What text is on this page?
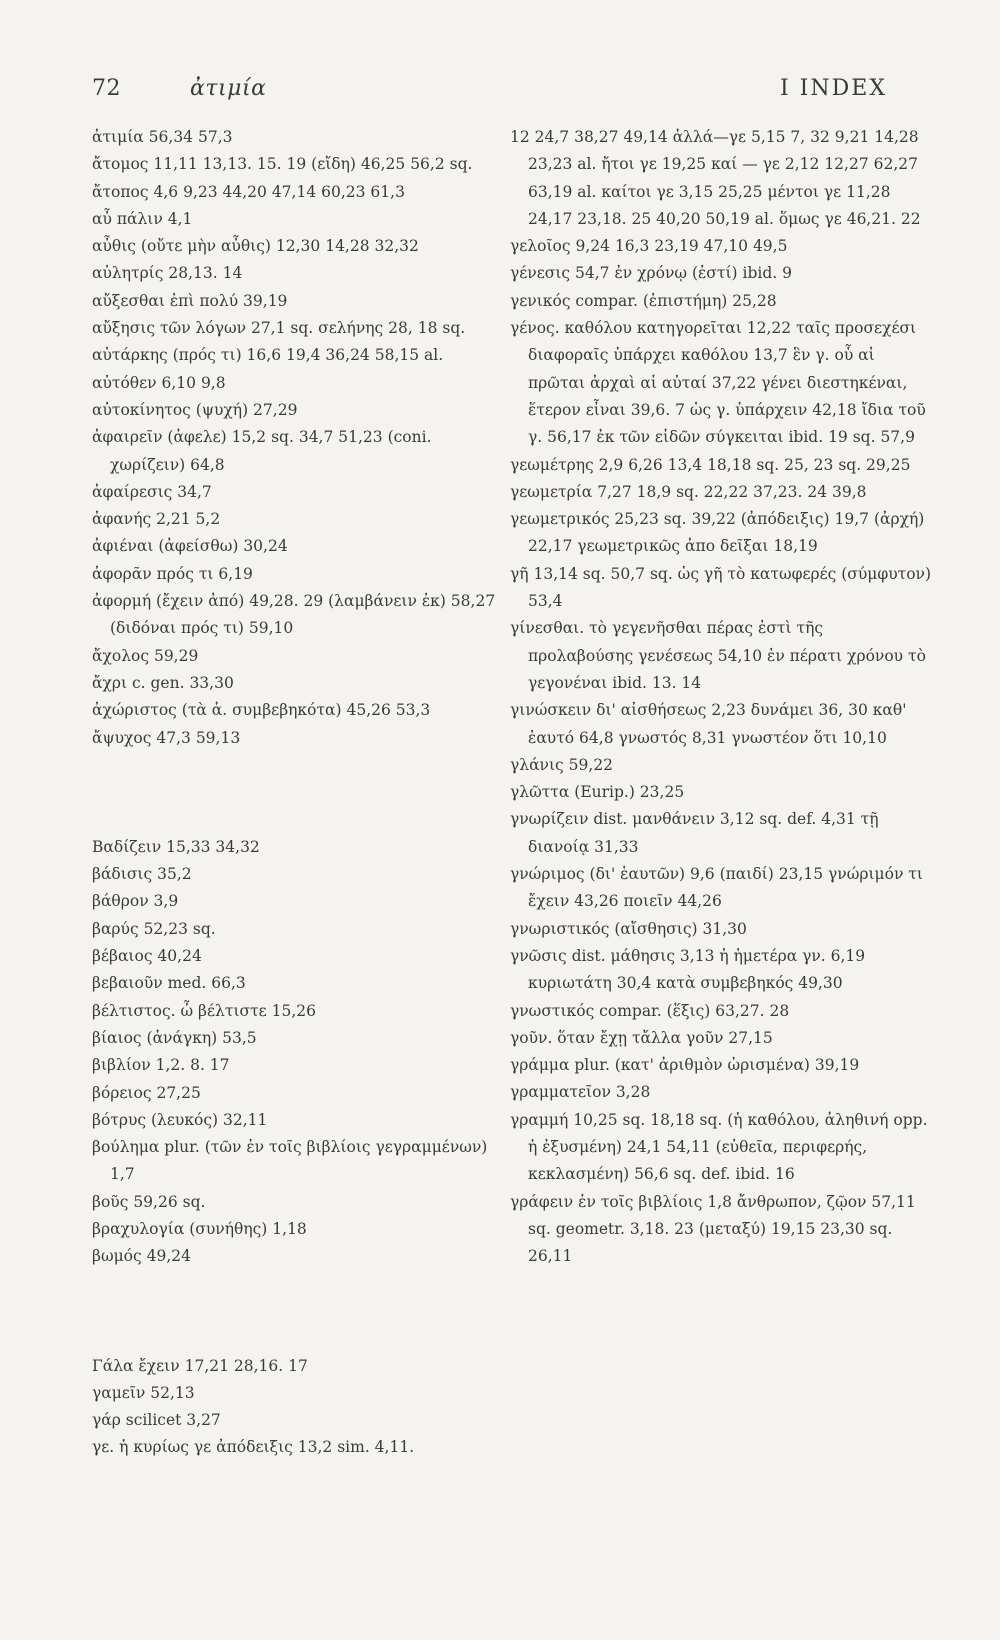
72	ἀτιμία	I INDEX
ἀτιμία 56,34 57,3
ἄτομος 11,11 13,13. 15. 19 (εἴδη) 46,25 56,2 sq.
ἄτοπος 4,6 9,23 44,20 47,14 60,23 61,3
αὖ πάλιν 4,1
αὖθις (οὔτε μὴν αὖθις) 12,30 14,28 32,32
αὐλητρίς 28,13. 14
αὔξεσθαι ἐπὶ πολύ 39,19
αὔξησις τῶν λόγων 27,1 sq. σελήνης 28, 18 sq.
αὐτάρκης (πρός τι) 16,6 19,4 36,24 58,15 al.
αὐτόθεν 6,10 9,8
αὐτοκίνητος (ψυχή) 27,29
ἀφαιρεῖν (ἀφελε) 15,2 sq. 34,7 51,23 (coni. χωρίζειν) 64,8
ἀφαίρεσις 34,7
ἀφανής 2,21 5,2
ἀφιέναι (ἀφείσθω) 30,24
ἀφορᾶν πρός τι 6,19
ἀφορμή (ἔχειν ἀπό) 49,28. 29 (λαμβάνειν ἐκ) 58,27 (διδόναι πρός τι) 59,10
ἄχολος 59,29
ἄχρι c. gen. 33,30
ἀχώριστος (τὰ ἀ. συμβεβηκότα) 45,26 53,3
ἄψυχος 47,3 59,13
Βαδίζειν 15,33 34,32
βάδισις 35,2
βάθρον 3,9
βαρύς 52,23 sq.
βέβαιος 40,24
βεβαιοῦν med. 66,3
βέλτιστος. ὦ βέλτιστε 15,26
βίαιος (ἀνάγκη) 53,5
βιβλίον 1,2. 8. 17
βόρειος 27,25
βότρυς (λευκός) 32,11
βούλημα plur. (τῶν ἐν τοῖς βιβλίοις γεγραμμένων) 1,7
βοῦς 59,26 sq.
βραχυλογία (συνήθης) 1,18
βωμός 49,24
Γάλα ἔχειν 17,21 28,16. 17
γαμεῖν 52,13
γάρ scilicet 3,27
γε. ἡ κυρίως γε ἀπόδειξις 13,2 sim. 4,11.
12 24,7 38,27 49,14 ἀλλά—γε 5,15 7, 32 9,21 14,28 23,23 al. ἤτοι γε 19,25 καί — γε 2,12 12,27 62,27 63,19 al. καίτοι γε 3,15 25,25 μέντοι γε 11,28 24,17 23,18. 25 40,20 50,19 al. ὅμως γε 46,21. 22
γελοῖος 9,24 16,3 23,19 47,10 49,5
γένεσις 54,7 ἐν χρόνῳ (ἐστί) ibid. 9
γενικός compar. (ἐπιστήμη) 25,28
γένος. καθόλου κατηγορεῖται 12,22 ταῖς προσεχέσι διαφοραῖς ὑπάρχει καθόλου 13,7 ἓν γ. οὗ αἱ πρῶται ἀρχαὶ αἱ αὐταί 37,22 γένει διεστηκέναι, ἕτερον εἶναι 39,6. 7 ὡς γ. ὑπάρχειν 42,18 ἴδια τοῦ γ. 56,17 ἐκ τῶν εἰδῶν σύγκειται ibid. 19 sq. 57,9
γεωμέτρης 2,9 6,26 13,4 18,18 sq. 25, 23 sq. 29,25
γεωμετρία 7,27 18,9 sq. 22,22 37,23. 24 39,8
γεωμετρικός 25,23 sq. 39,22 (ἀπόδειξις) 19,7 (ἀρχή) 22,17 γεωμετρικῶς ἀπο δεῖξαι 18,19
γῆ 13,14 sq. 50,7 sq. ὡς γῆ τὸ κατωφερές (σύμφυτον) 53,4
γίνεσθαι. τὸ γεγενῆσθαι πέρας ἐστὶ τῆς προλαβούσης γενέσεως 54,10 ἐν πέρατι χρόνου τὸ γεγονέναι ibid. 13. 14
γινώσκειν δι' αἰσθήσεως 2,23 δυνάμει 36, 30 καθ' ἑαυτό 64,8 γνωστός 8,31 γνωστέον ὅτι 10,10
γλάνις 59,22
γλῶττα (Eurip.) 23,25
γνωρίζειν dist. μανθάνειν 3,12 sq. def. 4,31 τῇ διανοίᾳ 31,33
γνώριμος (δι' ἑαυτῶν) 9,6 (παιδί) 23,15 γνώριμόν τι ἔχειν 43,26 ποιεῖν 44,26
γνωριστικός (αἴσθησις) 31,30
γνῶσις dist. μάθησις 3,13 ἡ ἡμετέρα γν. 6,19 κυριωτάτη 30,4 κατὰ συμβεβηκός 49,30
γνωστικός compar. (ἕξις) 63,27. 28
γοῦν. ὅταν ἔχῃ τἄλλα γοῦν 27,15
γράμμα plur. (κατ' ἀριθμὸν ὡρισμένα) 39,19
γραμματεῖον 3,28
γραμμή 10,25 sq. 18,18 sq. (ἡ καθόλου, ἀληθινή opp. ἡ ἐξυσμένη) 24,1 54,11 (εὐθεῖα, περιφερής, κεκλασμένη) 56,6 sq. def. ibid. 16
γράφειν ἐν τοῖς βιβλίοις 1,8 ἄνθρωπον, ζῷον 57,11 sq. geometr. 3,18. 23 (μεταξύ) 19,15 23,30 sq. 26,11
